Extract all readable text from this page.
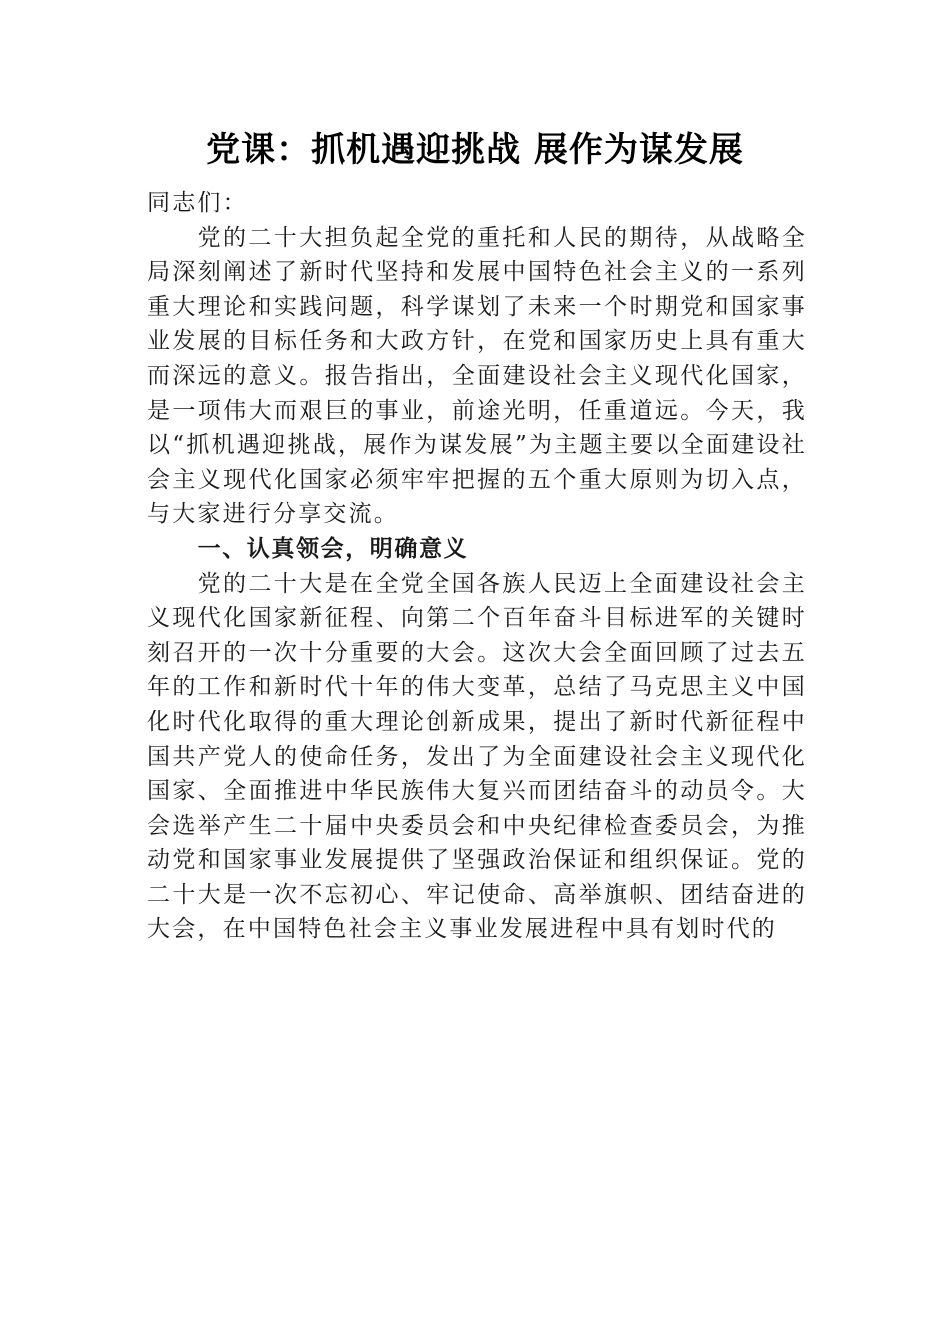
党课：抓机遇迎挑战 展作为谋发展

同志们：

党的二十大担负起全党的重托和人民的期待，从战略全局深刻阐述了新时代坚持和发展中国特色社会主义的一系列重大理论和实践问题，科学谋划了未来一个时期党和国家事业发展的目标任务和大政方针，在党和国家历史上具有重大而深远的意义。报告指出，全面建设社会主义现代化国家，是一项伟大而艰巨的事业，前途光明，任重道远。今天，我以“抓机遇迎挑战，展作为谋发展”为主题主要以全面建设社会主义现代化国家必须牢牢把握的五个重大原则为切入点，与大家进行分享交流。

一、认真领会，明确意义

党的二十大是在全党全国各族人民迈上全面建设社会主义现代化国家新征程、向第二个百年奋斗目标进军的关键时刻召开的一次十分重要的大会。这次大会全面回顾了过去五年的工作和新时代十年的伟大变革，总结了马克思主义中国化时代化取得的重大理论创新成果，提出了新时代新征程中国共产党人的使命任务，发出了为全面建设社会主义现代化国家、全面推进中华民族伟大复兴而团结奋斗的动员令。大会选举产生二十届中央委员会和中央纪律检查委员会，为推动党和国家事业发展提供了坚强政治保证和组织保证。党的二十大是一次不忘初心、牢记使命、高举旗帜、团结奋进的大会，在中国特色社会主义事业发展进程中具有划时代的
